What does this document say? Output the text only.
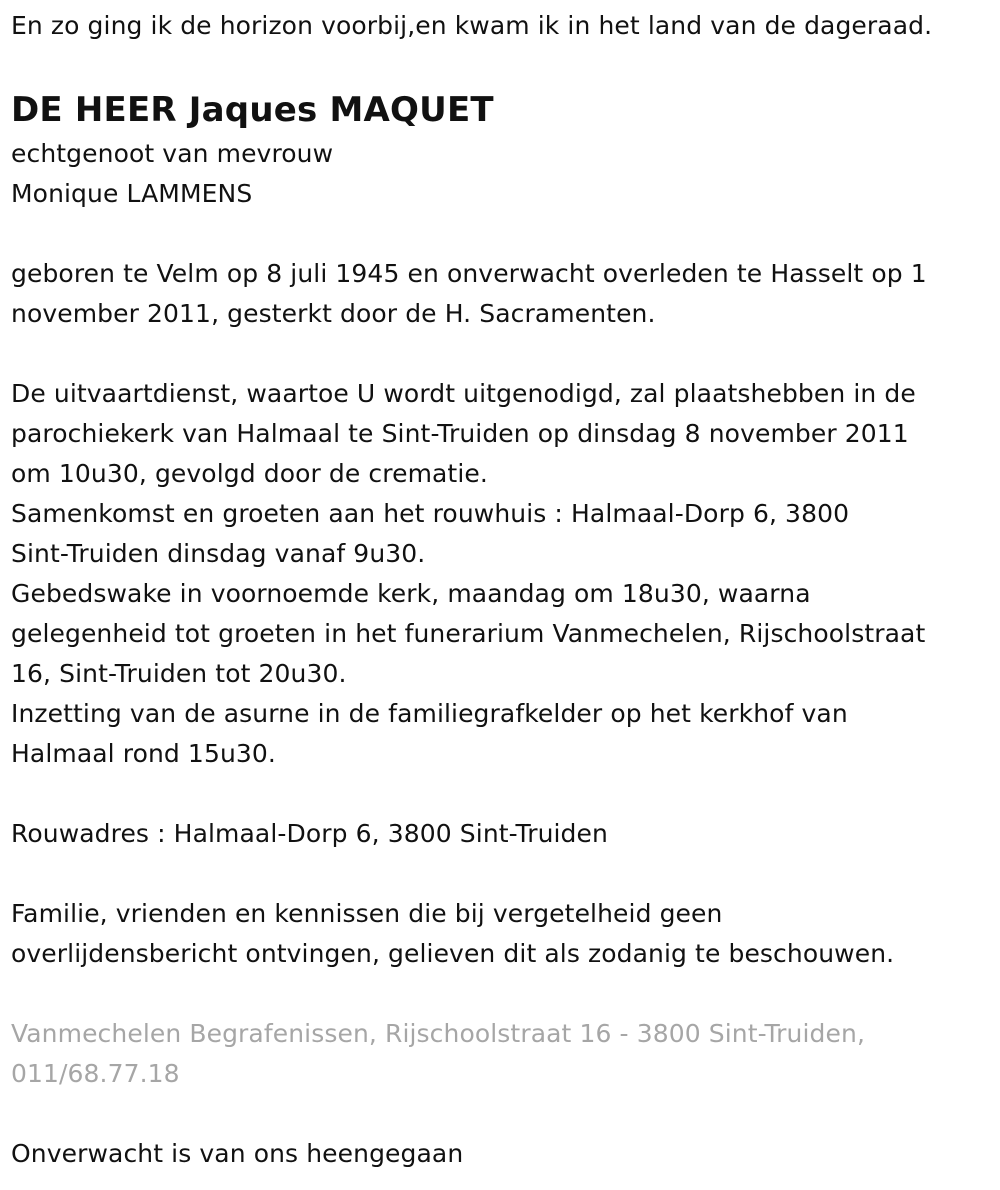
En zo ging ik de horizon voorbij,en kwam ik in het land van de dageraad.
DE HEER Jaques MAQUET
echtgenoot van mevrouw
Monique LAMMENS
geboren te Velm op 8 juli 1945 en onverwacht overleden te Hasselt op 1
november 2011, gesterkt door de H. Sacramenten.
De uitvaartdienst, waartoe U wordt uitgenodigd, zal plaatshebben in de
parochiekerk van Halmaal te Sint-Truiden op dinsdag 8 november 2011
om 10u30, gevolgd door de crematie.
Samenkomst en groeten aan het rouwhuis : Halmaal-Dorp 6, 3800
Sint-Truiden dinsdag vanaf 9u30.
Gebedswake in voornoemde kerk, maandag om 18u30, waarna
gelegenheid tot groeten in het funerarium Vanmechelen, Rijschoolstraat
16, Sint-Truiden tot 20u30.
Inzetting van de asurne in de familiegrafkelder op het kerkhof van
Halmaal rond 15u30.
Rouwadres : Halmaal-Dorp 6, 3800 Sint-Truiden
Familie, vrienden en kennissen die bij vergetelheid geen
overlijdensbericht ontvingen, gelieven dit als zodanig te beschouwen.
Vanmechelen Begrafenissen, Rijschoolstraat 16 - 3800 Sint-Truiden,
011/68.77.18
Onverwacht is van ons heengegaan
